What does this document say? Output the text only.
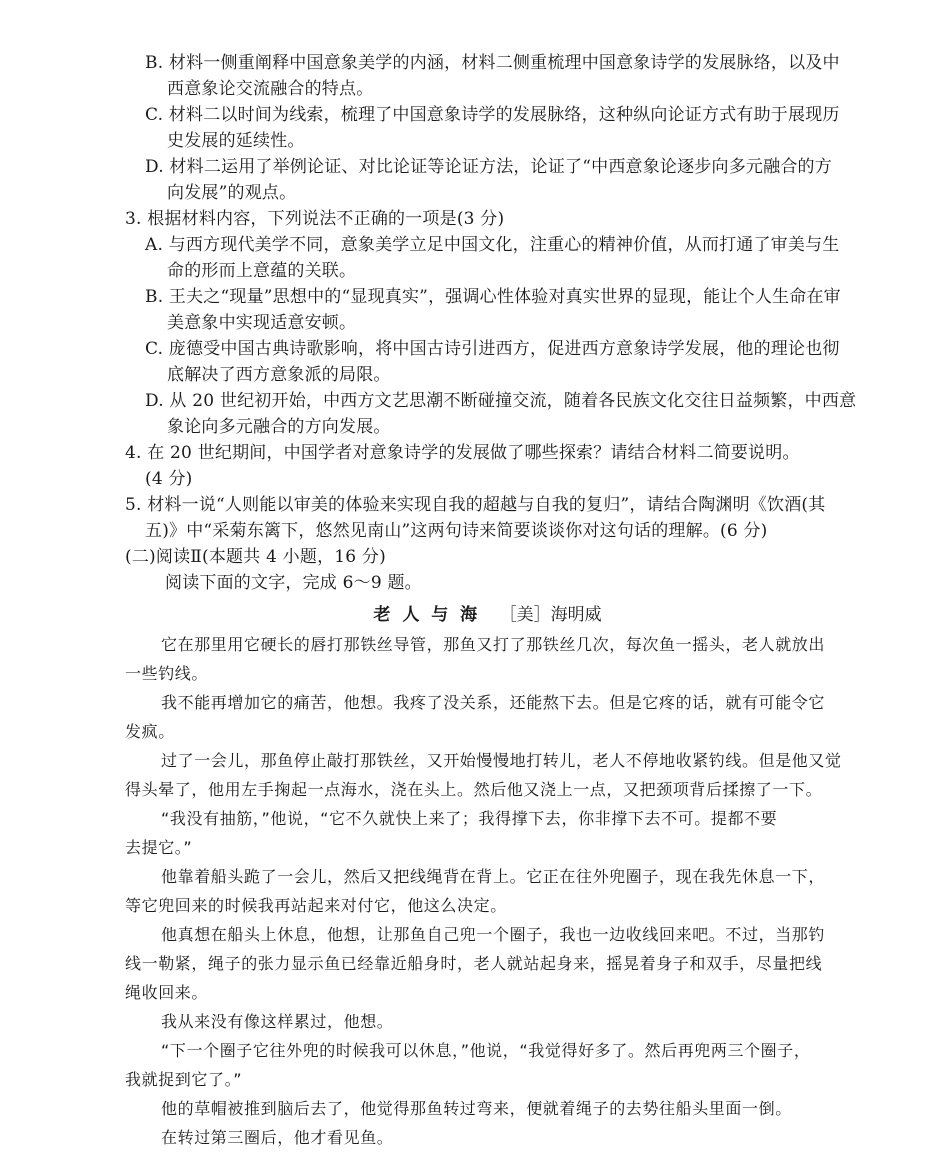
B. 材料一侧重阐释中国意象美学的内涵，材料二侧重梳理中国意象诗学的发展脉络，以及中
西意象论交流融合的特点。
C. 材料二以时间为线索，梳理了中国意象诗学的发展脉络，这种纵向论证方式有助于展现历
史发展的延续性。
D. 材料二运用了举例论证、对比论证等论证方法，论证了“中西意象论逐步向多元融合的方
向发展”的观点。
3. 根据材料内容，下列说法不正确的一项是(3 分)
A. 与西方现代美学不同，意象美学立足中国文化，注重心的精神价值，从而打通了审美与生
命的形而上意蕴的关联。
B. 王夫之“现量”思想中的“显现真实”，强调心性体验对真实世界的显现，能让个人生命在审
美意象中实现适意安顿。
C. 庞德受中国古典诗歌影响，将中国古诗引进西方，促进西方意象诗学发展，他的理论也彻
底解决了西方意象派的局限。
D. 从 20 世纪初开始，中西方文艺思潮不断碰撞交流，随着各民族文化交往日益频繁，中西意
象论向多元融合的方向发展。
4. 在 20 世纪期间，中国学者对意象诗学的发展做了哪些探索？请结合材料二简要说明。
(4 分)
5. 材料一说“人则能以审美的体验来实现自我的超越与自我的复归”，请结合陶渊明《饮酒(其
五)》中“采菊东篱下，悠然见南山”这两句诗来简要谈谈你对这句话的理解。(6 分)
(二)阅读Ⅱ(本题共 4 小题，16 分)
阅读下面的文字，完成 6～9 题。
老 人 与 海 ［美］海明威
它在那里用它硬长的唇打那铁丝导管，那鱼又打了那铁丝几次，每次鱼一摇头，老人就放出
一些钓线。
我不能再增加它的痛苦，他想。我疼了没关系，还能熬下去。但是它疼的话，就有可能令它
发疯。
过了一会儿，那鱼停止敲打那铁丝，又开始慢慢地打转儿，老人不停地收紧钓线。但是他又觉
得头晕了，他用左手掬起一点海水，浇在头上。然后他又浇上一点，又把颈项背后揉擦了一下。
“我没有抽筋，”他说，“它不久就快上来了；我得撑下去，你非撑下去不可。提都不要
去提它。”
他靠着船头跪了一会儿，然后又把线绳背在背上。它正在往外兜圈子，现在我先休息一下，
等它兜回来的时候我再站起来对付它，他这么决定。
他真想在船头上休息，他想，让那鱼自己兜一个圈子，我也一边收线回来吧。不过，当那钓
线一勒紧，绳子的张力显示鱼已经靠近船身时，老人就站起身来，摇晃着身子和双手，尽量把线
绳收回来。
我从来没有像这样累过，他想。
“下一个圈子它往外兜的时候我可以休息，”他说，“我觉得好多了。然后再兜两三个圈子，
我就捉到它了。”
他的草帽被推到脑后去了，他觉得那鱼转过弯来，便就着绳子的去势往船头里面一倒。
在转过第三圈后，他才看见鱼。
